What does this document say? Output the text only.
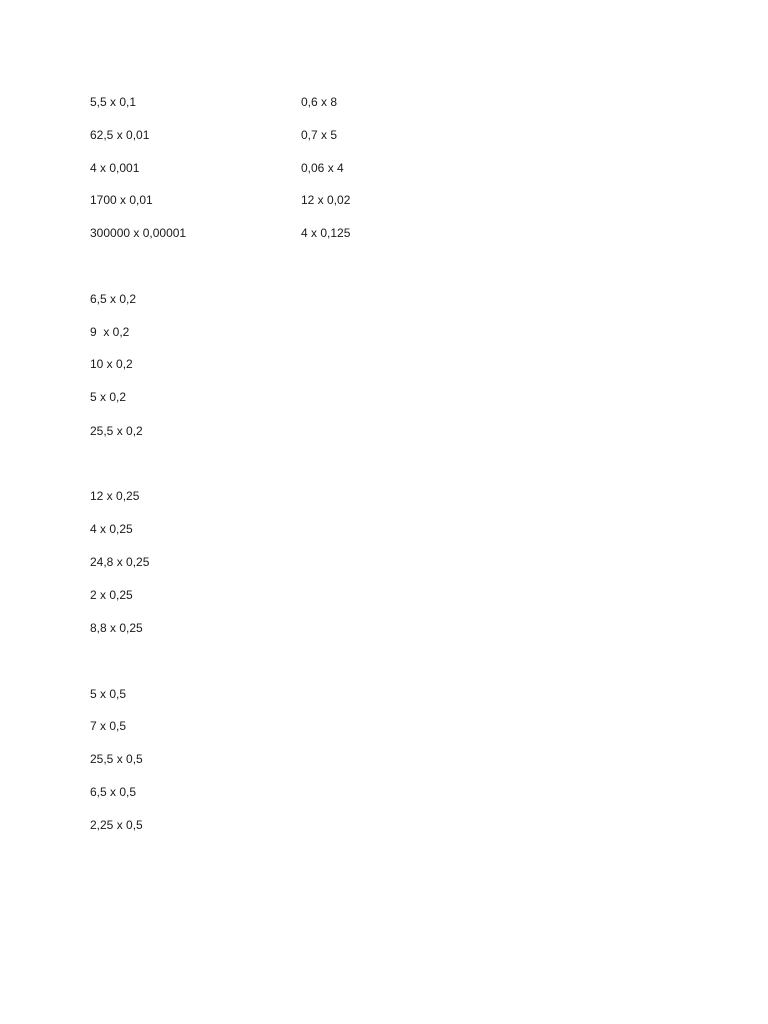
5,5 x 0,1
62,5 x 0,01
4 x 0,001
1700 x 0,01
300000 x 0,00001
0,6 x 8
0,7 x 5
0,06 x 4
12 x 0,02
4 x 0,125
6,5 x 0,2
9  x 0,2
10 x 0,2
5 x 0,2
25,5 x 0,2
12 x 0,25
4 x 0,25
24,8 x 0,25
2 x 0,25
8,8 x 0,25
5 x 0,5
7 x 0,5
25,5 x 0,5
6,5 x 0,5
2,25 x 0,5
